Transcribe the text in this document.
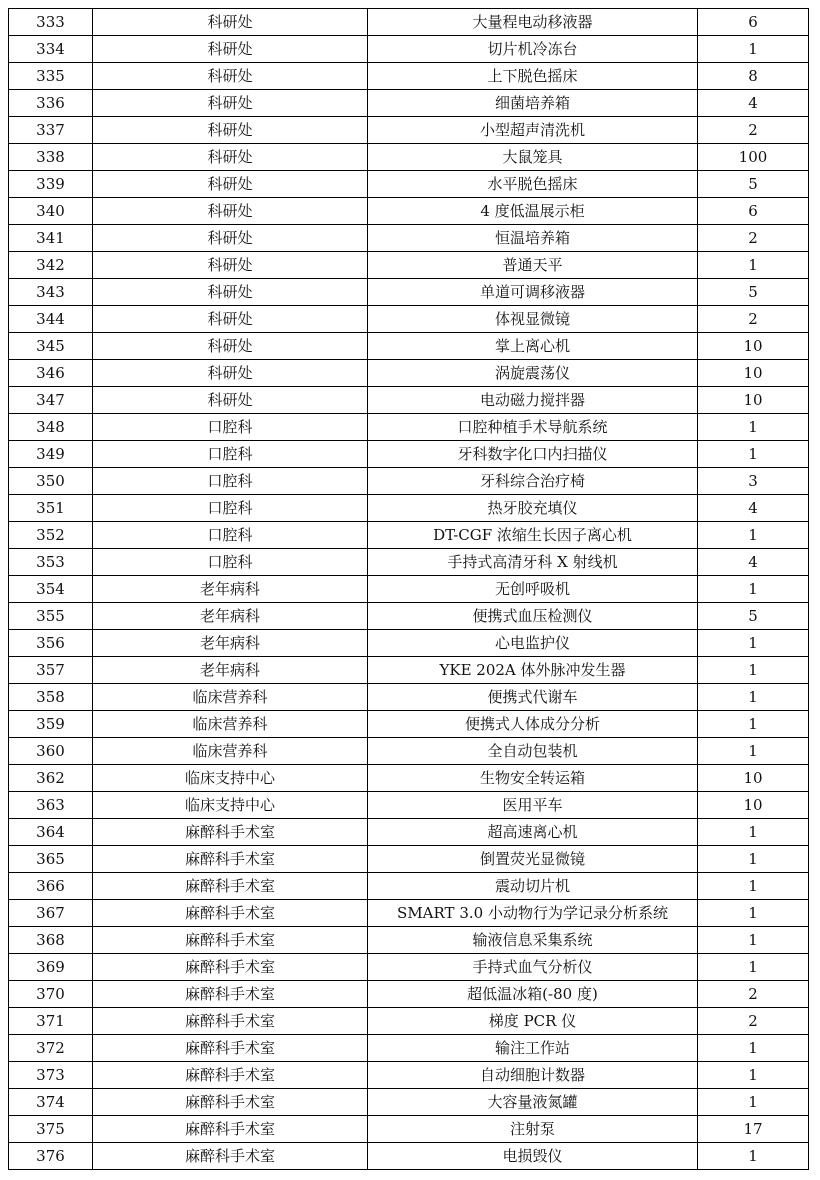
333	科研处	大量程电动移液器	6
334	科研处	切片机冷冻台	1
335	科研处	上下脱色摇床	8
336	科研处	细菌培养箱	4
337	科研处	小型超声清洗机	2
338	科研处	大鼠笼具	100
339	科研处	水平脱色摇床	5
340	科研处	4 度低温展示柜	6
341	科研处	恒温培养箱	2
342	科研处	普通天平	1
343	科研处	单道可调移液器	5
344	科研处	体视显微镜	2
345	科研处	掌上离心机	10
346	科研处	涡旋震荡仪	10
347	科研处	电动磁力搅拌器	10
348	口腔科	口腔种植手术导航系统	1
349	口腔科	牙科数字化口内扫描仪	1
350	口腔科	牙科综合治疗椅	3
351	口腔科	热牙胶充填仪	4
352	口腔科	DT-CGF 浓缩生长因子离心机	1
353	口腔科	手持式高清牙科 X 射线机	4
354	老年病科	无创呼吸机	1
355	老年病科	便携式血压检测仪	5
356	老年病科	心电监护仪	1
357	老年病科	YKE 202A 体外脉冲发生器	1
358	临床营养科	便携式代谢车	1
359	临床营养科	便携式人体成分分析	1
360	临床营养科	全自动包装机	1
362	临床支持中心	生物安全转运箱	10
363	临床支持中心	医用平车	10
364	麻醉科手术室	超高速离心机	1
365	麻醉科手术室	倒置荧光显微镜	1
366	麻醉科手术室	震动切片机	1
367	麻醉科手术室	SMART 3.0 小动物行为学记录分析系统	1
368	麻醉科手术室	输液信息采集系统	1
369	麻醉科手术室	手持式血气分析仪	1
370	麻醉科手术室	超低温冰箱(-80 度)	2
371	麻醉科手术室	梯度 PCR 仪	2
372	麻醉科手术室	输注工作站	1
373	麻醉科手术室	自动细胞计数器	1
374	麻醉科手术室	大容量液氮罐	1
375	麻醉科手术室	注射泵	17
376	麻醉科手术室	电损毁仪	1
